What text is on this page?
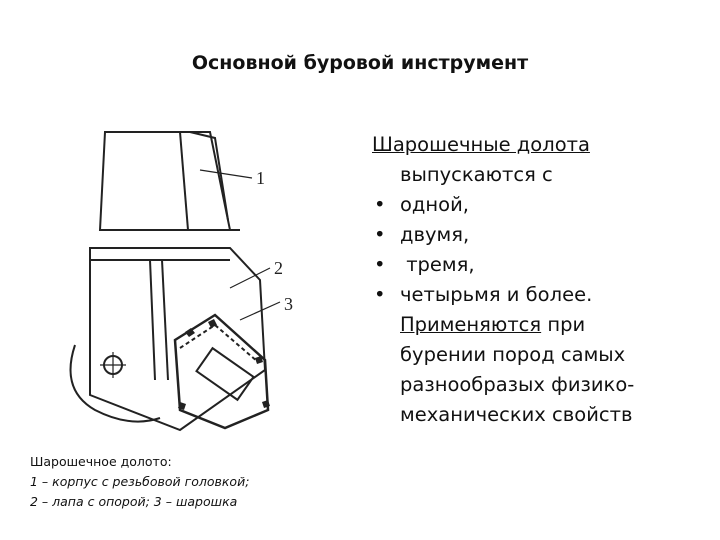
Основной буровой инструмент
1
2
3
Шарошечное долото:
1 – корпус с резьбовой головкой;
2 – лапа с опорой; 3 – шарошка
Шарошечные долота

выпускаются с
• одной,
• двумя,
•  тремя,
• четырьмя и более.
Применяются при
бурении пород самых
разнообразых физико-
механических свойств
